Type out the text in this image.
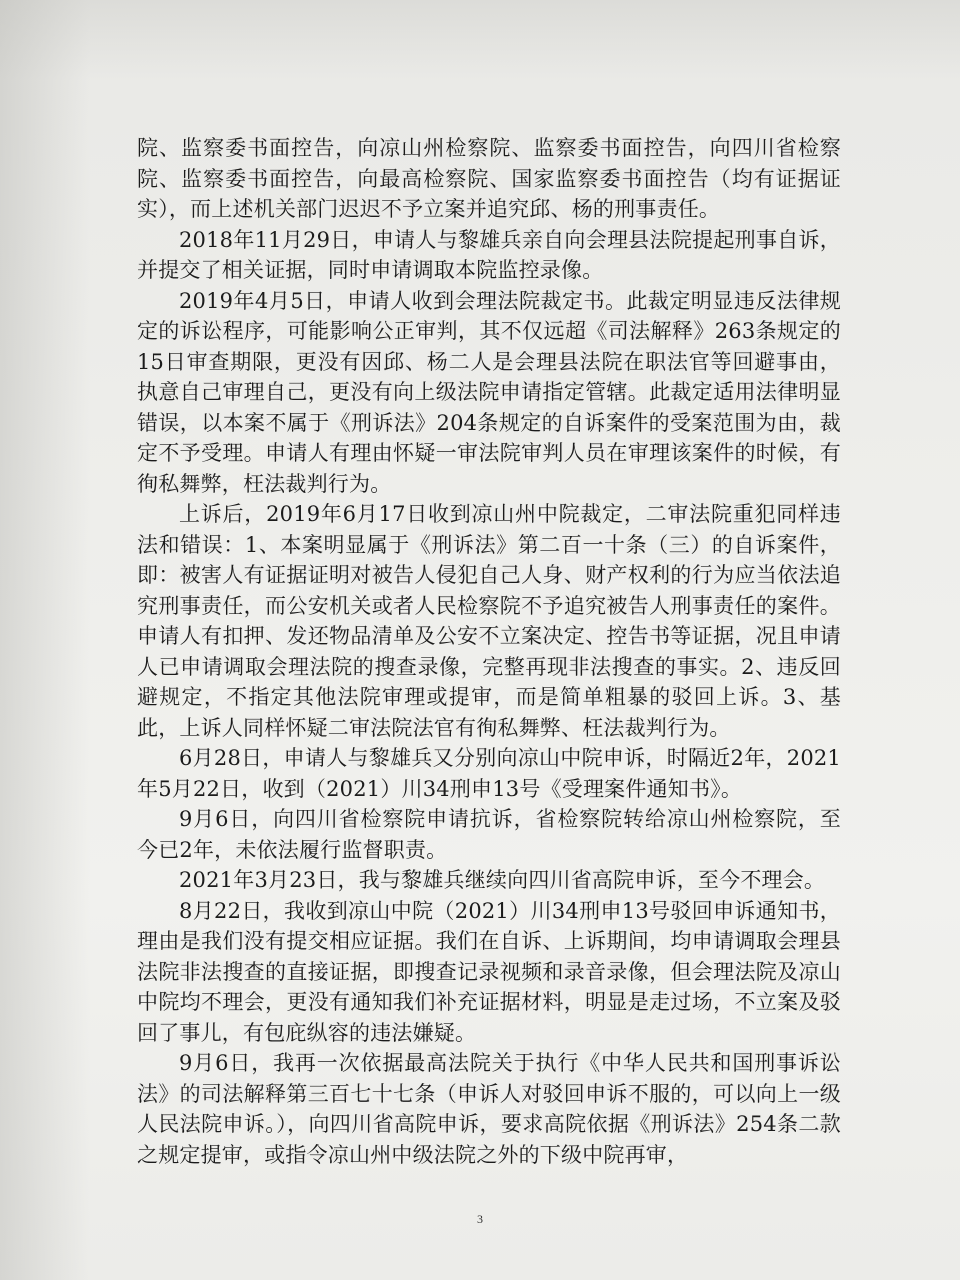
院、监察委书面控告，向凉山州检察院、监察委书面控告，向四川省检察院、监察委书面控告，向最高检察院、国家监察委书面控告（均有证据证实），而上述机关部门迟迟不予立案并追究邱、杨的刑事责任。

2018年11月29日，申请人与黎雄兵亲自向会理县法院提起刑事自诉，并提交了相关证据，同时申请调取本院监控录像。

2019年4月5日，申请人收到会理法院裁定书。此裁定明显违反法律规定的诉讼程序，可能影响公正审判，其不仅远超《司法解释》263条规定的15日审查期限，更没有因邱、杨二人是会理县法院在职法官等回避事由，执意自己审理自己，更没有向上级法院申请指定管辖。此裁定适用法律明显错误，以本案不属于《刑诉法》204条规定的自诉案件的受案范围为由，裁定不予受理。申请人有理由怀疑一审法院审判人员在审理该案件的时候，有徇私舞弊，枉法裁判行为。

上诉后，2019年6月17日收到凉山州中院裁定，二审法院重犯同样违法和错误：1、本案明显属于《刑诉法》第二百一十条（三）的自诉案件，即：被害人有证据证明对被告人侵犯自己人身、财产权利的行为应当依法追究刑事责任，而公安机关或者人民检察院不予追究被告人刑事责任的案件。申请人有扣押、发还物品清单及公安不立案决定、控告书等证据，况且申请人已申请调取会理法院的搜查录像，完整再现非法搜查的事实。2、违反回避规定，不指定其他法院审理或提审，而是简单粗暴的驳回上诉。3、基此，上诉人同样怀疑二审法院法官有徇私舞弊、枉法裁判行为。

6月28日，申请人与黎雄兵又分别向凉山中院申诉，时隔近2年，2021年5月22日，收到（2021）川34刑申13号《受理案件通知书》。

9月6日，向四川省检察院申请抗诉，省检察院转给凉山州检察院，至今已2年，未依法履行监督职责。

2021年3月23日，我与黎雄兵继续向四川省高院申诉，至今不理会。

8月22日，我收到凉山中院（2021）川34刑申13号驳回申诉通知书，理由是我们没有提交相应证据。我们在自诉、上诉期间，均申请调取会理县法院非法搜查的直接证据，即搜查记录视频和录音录像，但会理法院及凉山中院均不理会，更没有通知我们补充证据材料，明显是走过场，不立案及驳回了事儿，有包庇纵容的违法嫌疑。

9月6日，我再一次依据最高法院关于执行《中华人民共和国刑事诉讼法》的司法解释第三百七十七条（申诉人对驳回申诉不服的，可以向上一级人民法院申诉。），向四川省高院申诉，要求高院依据《刑诉法》254条二款之规定提审，或指令凉山州中级法院之外的下级中院再审，

3
